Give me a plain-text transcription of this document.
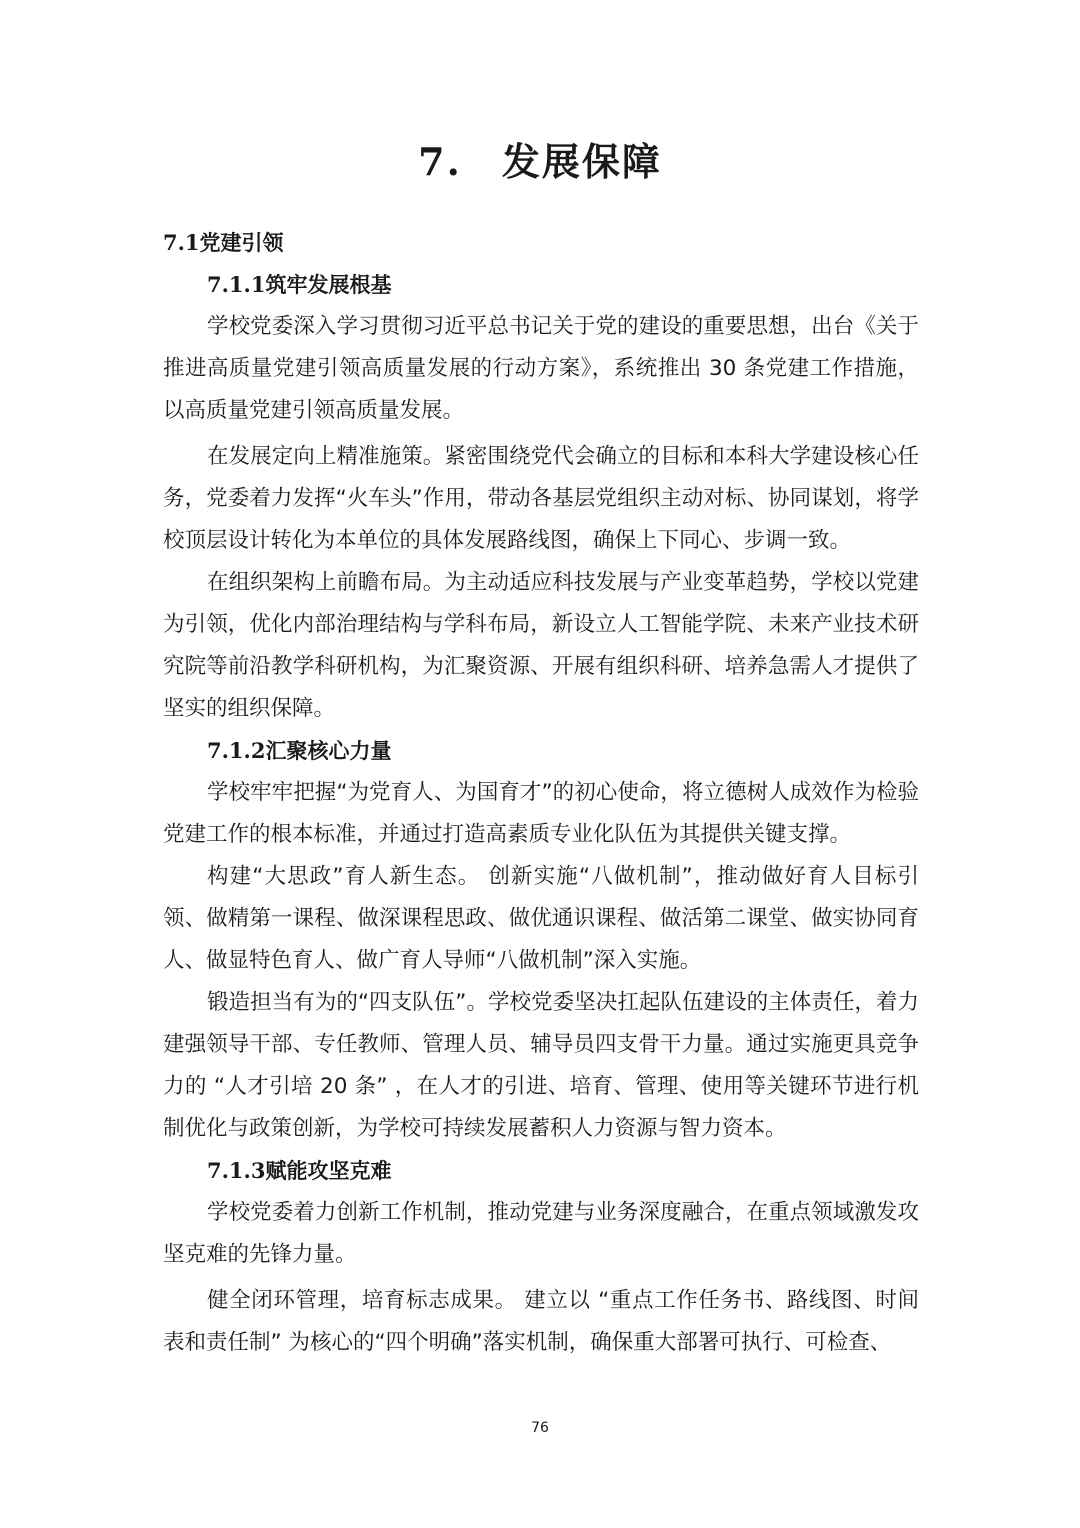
7. 发展保障
7.1党建引领
7.1.1筑牢发展根基

学校党委深入学习贯彻习近平总书记关于党的建设的重要思想，出台《关于推进高质量党建引领高质量发展的行动方案》，系统推出 30 条党建工作措施，以高质量党建引领高质量发展。

在发展定向上精准施策。紧密围绕党代会确立的目标和本科大学建设核心任务，党委着力发挥“火车头”作用，带动各基层党组织主动对标、协同谋划，将学校顶层设计转化为本单位的具体发展路线图，确保上下同心、步调一致。

在组织架构上前瞻布局。为主动适应科技发展与产业变革趋势，学校以党建为引领，优化内部治理结构与学科布局，新设立人工智能学院、未来产业技术研究院等前沿教学科研机构，为汇聚资源、开展有组织科研、培养急需人才提供了坚实的组织保障。

7.1.2汇聚核心力量

学校牢牢把握“为党育人、为国育才”的初心使命，将立德树人成效作为检验党建工作的根本标准，并通过打造高素质专业化队伍为其提供关键支撑。

构建“大思政”育人新生态。 创新实施“八做机制”，推动做好育人目标引领、做精第一课程、做深课程思政、做优通识课程、做活第二课堂、做实协同育人、做显特色育人、做广育人导师“八做机制”深入实施。

锻造担当有为的“四支队伍”。学校党委坚决扛起队伍建设的主体责任，着力建强领导干部、专任教师、管理人员、辅导员四支骨干力量。通过实施更具竞争力的 “人才引培 20 条” ，在人才的引进、培育、管理、使用等关键环节进行机制优化与政策创新，为学校可持续发展蓄积人力资源与智力资本。

7.1.3赋能攻坚克难

学校党委着力创新工作机制，推动党建与业务深度融合，在重点领域激发攻坚克难的先锋力量。

健全闭环管理，培育标志成果。 建立以 “重点工作任务书、路线图、时间表和责任制” 为核心的“四个明确”落实机制，确保重大部署可执行、可检查、

76
